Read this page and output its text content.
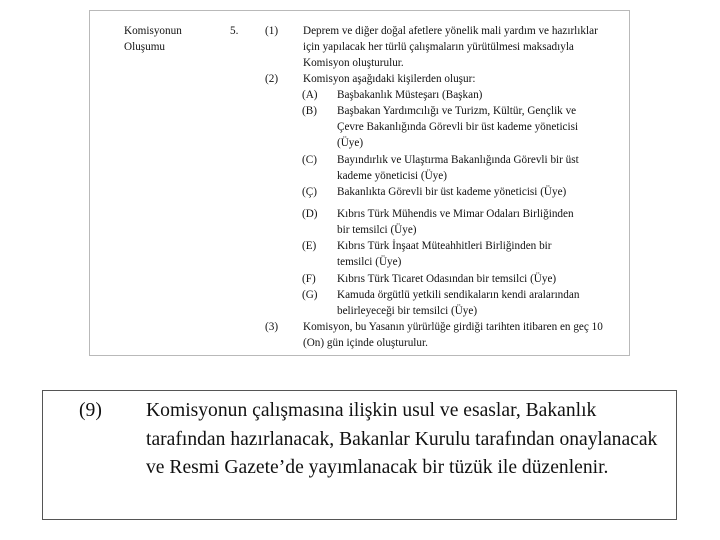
Komisyonun Oluşumu
5. (1) Deprem ve diğer doğal afetlere yönelik mali yardım ve hazırlıklar için yapılacak her türlü çalışmaların yürütülmesi maksadıyla Komisyon oluşturulur.
(2) Komisyon aşağıdaki kişilerden oluşur:
(A) Başbakanlık Müsteşarı (Başkan)
(B) Başbakan Yardımcılığı ve Turizm, Kültür, Gençlik ve Çevre Bakanlığında Görevli bir üst kademe yöneticisi (Üye)
(C) Bayındırlık ve Ulaştırma Bakanlığında Görevli bir üst kademe yöneticisi (Üye)
(Ç) Bakanlıkta Görevli bir üst kademe yöneticisi (Üye)
(D) Kıbrıs Türk Mühendis ve Mimar Odaları Birliğinden bir temsilci (Üye)
(E) Kıbrıs Türk İnşaat Müteahhitleri Birliğinden bir temsilci (Üye)
(F) Kıbrıs Türk Ticaret Odasından bir temsilci (Üye)
(G) Kamuda örgütlü yetkili sendikaların kendi aralarından belirleyeceği bir temsilci (Üye)
(3) Komisyon, bu Yasanın yürürlüğe girdiği tarihten itibaren en geç 10 (On) gün içinde oluşturulur.
(9) Komisyonun çalışmasına ilişkin usul ve esaslar, Bakanlık tarafından hazırlanacak, Bakanlar Kurulu tarafından onaylanacak ve Resmi Gazete’de yayımlanacak bir tüzük ile düzenlenir.
